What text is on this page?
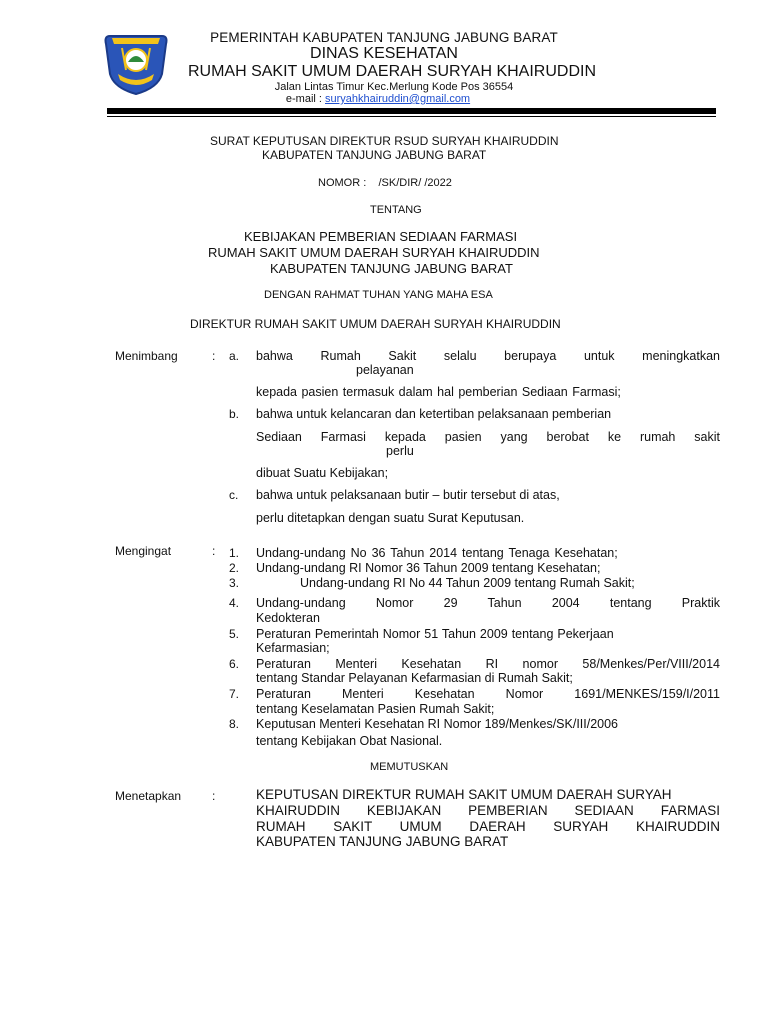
PEMERINTAH KABUPATEN TANJUNG JABUNG BARAT
DINAS KESEHATAN
RUMAH SAKIT UMUM DAERAH SURYAH KHAIRUDDIN
Jalan Lintas Timur Kec.Merlung Kode Pos 36554
e-mail : suryahkhairuddin@gmail.com
SURAT KEPUTUSAN DIREKTUR RSUD SURYAH KHAIRUDDIN
KABUPATEN TANJUNG JABUNG BARAT
NOMOR :    /SK/DIR/ /2022
TENTANG
KEBIJAKAN PEMBERIAN SEDIAAN FARMASI
RUMAH SAKIT UMUM DAERAH SURYAH KHAIRUDDIN
KABUPATEN TANJUNG JABUNG BARAT
DENGAN RAHMAT TUHAN YANG MAHA ESA
DIREKTUR RUMAH SAKIT UMUM DAERAH SURYAH KHAIRUDDIN
Menimbang	: a. bahwa Rumah Sakit selalu berupaya untuk meningkatkan
pelayanan
kepada pasien termasuk dalam hal pemberian Sediaan Farmasi;
b. bahwa untuk kelancaran dan ketertiban pelaksanaan pemberian
Sediaan Farmasi kepada pasien yang berobat ke rumah sakit
perlu
dibuat Suatu Kebijakan;
c. bahwa untuk pelaksanaan butir – butir tersebut di atas,
perlu ditetapkan dengan suatu Surat Keputusan.
Mengingat	: 1. Undang-undang No 36 Tahun 2014 tentang Tenaga Kesehatan;
2. Undang-undang RI Nomor 36 Tahun 2009 tentang Kesehatan;
3.	Undang-undang RI No 44 Tahun 2009 tentang Rumah Sakit;
4. Undang-undang Nomor 29 Tahun 2004 tentang Praktik
Kedokteran
5. Peraturan Pemerintah Nomor 51 Tahun 2009 tentang Pekerjaan
Kefarmasian;
6. Peraturan Menteri Kesehatan RI nomor 58/Menkes/Per/VIII/2014
tentang Standar Pelayanan Kefarmasian di Rumah Sakit;
7. Peraturan Menteri Kesehatan Nomor 1691/MENKES/159/I/2011
tentang Keselamatan Pasien Rumah Sakit;
8. Keputusan Menteri Kesehatan RI Nomor 189/Menkes/SK/III/2006
tentang Kebijakan Obat Nasional.
MEMUTUSKAN
Menetapkan	:	KEPUTUSAN DIREKTUR RUMAH SAKIT UMUM DAERAH SURYAH
KHAIRUDDIN KEBIJAKAN PEMBERIAN SEDIAAN FARMASI
RUMAH SAKIT UMUM DAERAH SURYAH KHAIRUDDIN
KABUPATEN TANJUNG JABUNG BARAT
